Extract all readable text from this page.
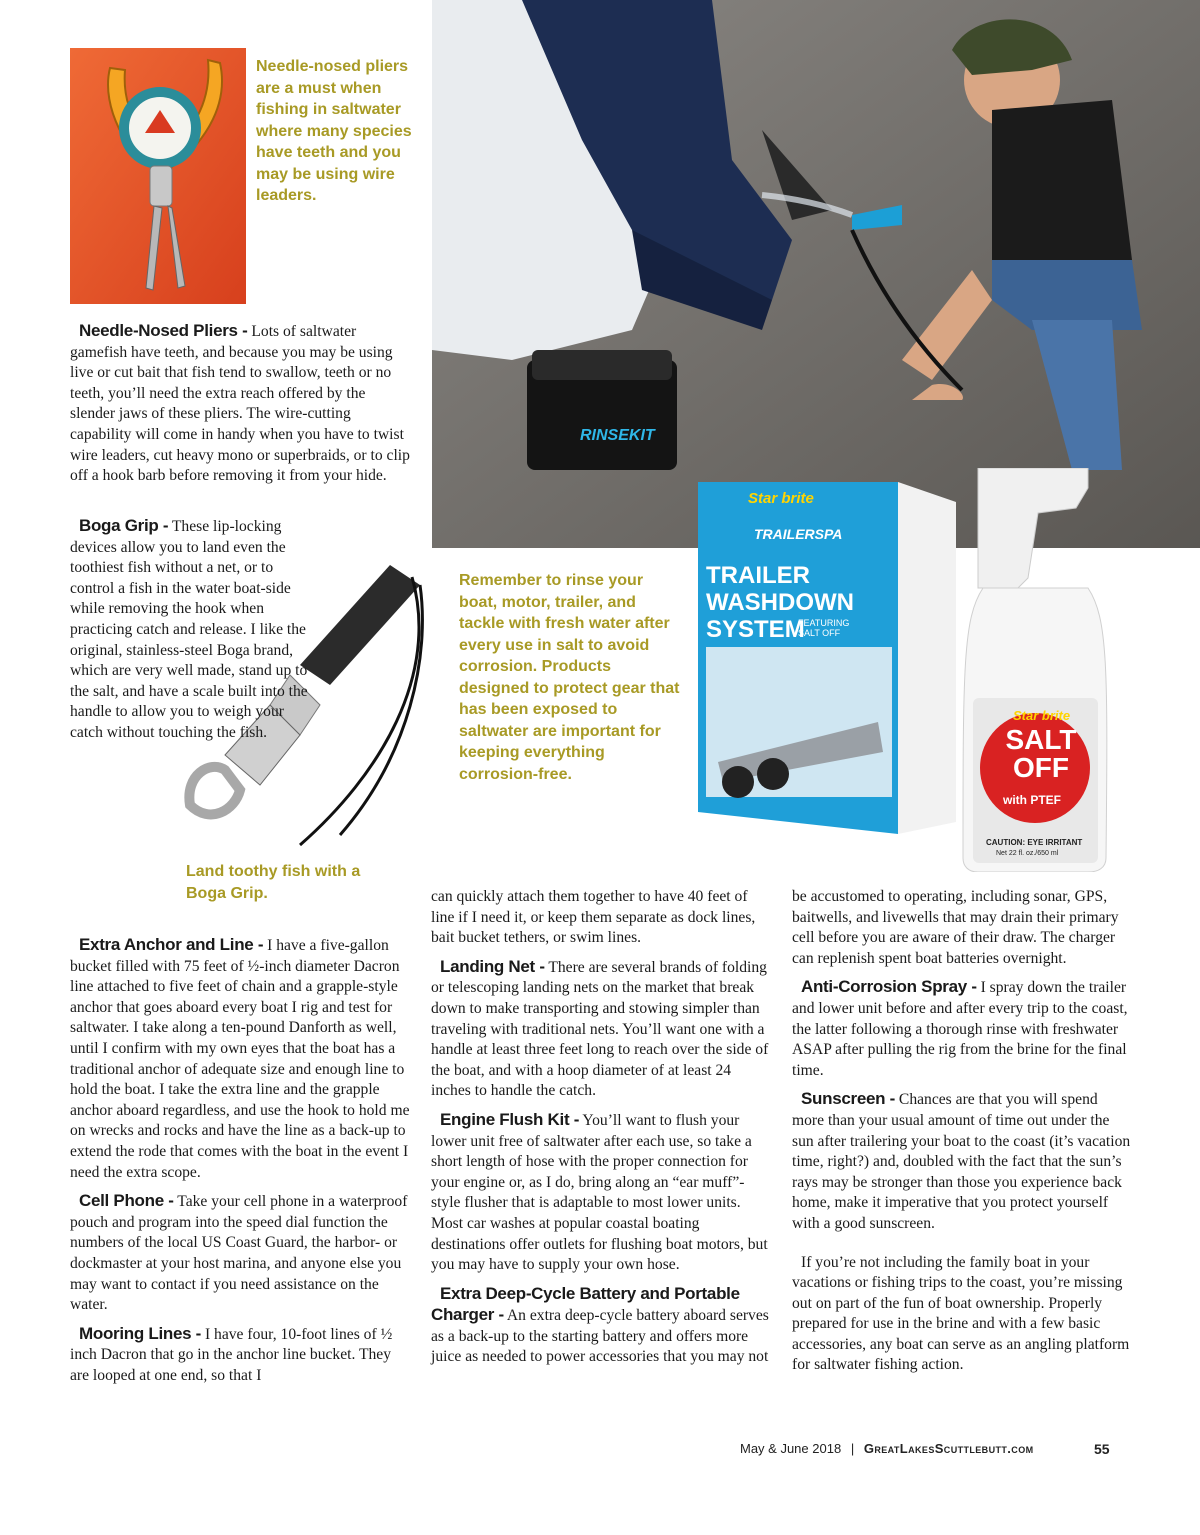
RINSEKIT
Star brite
TRAILERSPA
TRAILER WASHDOWN SYSTEM
FEATURING SALT OFF
Star brite
SALT OFF
with PTEF
CAUTION: EYE IRRITANT
Net 22 fl. oz./650 ml
Needle-nosed pliers are a must when fishing in saltwater where many species have teeth and you may be using wire leaders.
Remember to rinse your boat, motor, trailer, and tackle with fresh water after every use in salt to avoid corrosion. Products designed to protect gear that has been exposed to saltwater are important for keeping everything corrosion-free.
Land toothy fish with a Boga Grip.

Needle-Nosed Pliers - Lots of saltwater gamefish have teeth, and because you may be using live or cut bait that fish tend to swallow, teeth or no teeth, you’ll need the extra reach offered by the slender jaws of these pliers. The wire-cutting capability will come in handy when you have to twist wire leaders, cut heavy mono or superbraids, or to clip off a hook barb before removing it from your hide.

Boga Grip - These lip-locking devices allow you to land even the toothiest fish without a net, or to control a fish in the water boat-side while removing the hook when practicing catch and release. I like the original, stainless-steel Boga brand, which are very well made, stand up to the salt, and have a scale built into the handle to allow you to weigh your catch without touching the fish.

Extra Anchor and Line - I have a five-gallon bucket filled with 75 feet of ½-inch diameter Dacron line attached to five feet of chain and a grapple-style anchor that goes aboard every boat I rig and test for saltwater. I take along a ten-pound Danforth as well, until I confirm with my own eyes that the boat has a traditional anchor of adequate size and enough line to hold the boat. I take the extra line and the grapple anchor aboard regardless, and use the hook to hold me on wrecks and rocks and have the line as a back-up to extend the rode that comes with the boat in the event I need the extra scope.

Cell Phone - Take your cell phone in a waterproof pouch and program into the speed dial function the numbers of the local US Coast Guard, the harbor- or dockmaster at your host marina, and anyone else you may want to contact if you need assistance on the water.

Mooring Lines - I have four, 10-foot lines of ½ inch Dacron that go in the anchor line bucket. They are looped at one end, so that I

can quickly attach them together to have 40 feet of line if I need it, or keep them separate as dock lines, bait bucket tethers, or swim lines.

Landing Net - There are several brands of folding or telescoping landing nets on the market that break down to make transporting and stowing simpler than traveling with traditional nets. You’ll want one with a handle at least three feet long to reach over the side of the boat, and with a hoop diameter of at least 24 inches to handle the catch.

Engine Flush Kit - You’ll want to flush your lower unit free of saltwater after each use, so take a short length of hose with the proper connection for your engine or, as I do, bring along an “ear muff”-style flusher that is adaptable to most lower units. Most car washes at popular coastal boating destinations offer outlets for flushing boat motors, but you may have to supply your own hose.

Extra Deep-Cycle Battery and Portable Charger - An extra deep-cycle battery aboard serves as a back-up to the starting battery and offers more juice as needed to power accessories that you may not

be accustomed to operating, including sonar, GPS, baitwells, and livewells that may drain their primary cell before you are aware of their draw. The charger can replenish spent boat batteries overnight.

Anti-Corrosion Spray - I spray down the trailer and lower unit before and after every trip to the coast, the latter following a thorough rinse with freshwater ASAP after pulling the rig from the brine for the final time.

Sunscreen - Chances are that you will spend more than your usual amount of time out under the sun after trailering your boat to the coast (it’s vacation time, right?) and, doubled with the fact that the sun’s rays may be stronger than those you experience back home, make it imperative that you protect yourself with a good sunscreen.

If you’re not including the family boat in your vacations or fishing trips to the coast, you’re missing out on part of the fun of boat ownership. Properly prepared for use in the brine and with a few basic accessories, any boat can serve as an angling platform for saltwater fishing action.

May & June 2018 | GreatLakesScuttlebutt.com	55
